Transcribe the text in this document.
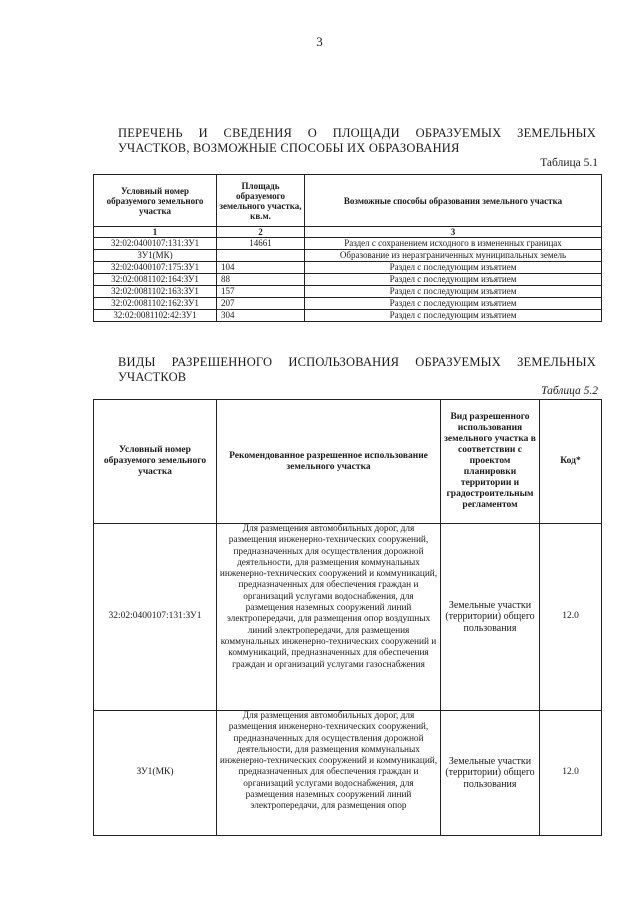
3
ПЕРЕЧЕНЬ И СВЕДЕНИЯ О ПЛОЩАДИ ОБРАЗУЕМЫХ ЗЕМЕЛЬНЫХ
УЧАСТКОВ, ВОЗМОЖНЫЕ СПОСОБЫ ИХ ОБРАЗОВАНИЯ
Таблица 5.1
Условный номер образуемого земельного участка	Площадь образуемого земельного участка, кв.м.	Возможные способы образования земельного участка
1	2	3
32:02:0400107:131:ЗУ1	14661	Раздел с сохранением исходного в измененных границах
ЗУ1(МК)		Образование из неразграниченных муниципальных земель
32:02:0400107:175:ЗУ1	104	Раздел с последующим изъятием
32:02:0081102:164:ЗУ1	88	Раздел с последующим изъятием
32:02:0081102:163:ЗУ1	157	Раздел с последующим изъятием
32:02:0081102:162:ЗУ1	207	Раздел с последующим изъятием
32:02:0081102:42:ЗУ1	304	Раздел с последующим изъятием
ВИДЫ РАЗРЕШЕННОГО ИСПОЛЬЗОВАНИЯ ОБРАЗУЕМЫХ ЗЕМЕЛЬНЫХ
УЧАСТКОВ
Таблица 5.2
Условный номер образуемого земельного участка	Рекомендованное разрешенное использование земельного участка	Вид разрешенного использования земельного участка в соответствии с проектом планировки территории и градостроительным регламентом	Код*
32:02:0400107:131:ЗУ1	Для размещения автомобильных дорог, для размещения инженерно-технических сооружений, предназначенных для осуществления дорожной деятельности, для размещения коммунальных инженерно-технических сооружений и коммуникаций, предназначенных для обеспечения граждан и организаций услугами водоснабжения, для размещения наземных сооружений линий электропередачи, для размещения опор воздушных линий электропередачи, для размещения коммунальных инженерно-технических сооружений и коммуникаций, предназначенных для обеспечения граждан и организаций услугами газоснабжения	Земельные участки (территории) общего пользования	12.0
ЗУ1(МК)	Для размещения автомобильных дорог, для размещения инженерно-технических сооружений, предназначенных для осуществления дорожной деятельности, для размещения коммунальных инженерно-технических сооружений и коммуникаций, предназначенных для обеспечения граждан и организаций услугами водоснабжения, для размещения наземных сооружений линий электропередачи, для размещения опор	Земельные участки (территории) общего пользования	12.0
